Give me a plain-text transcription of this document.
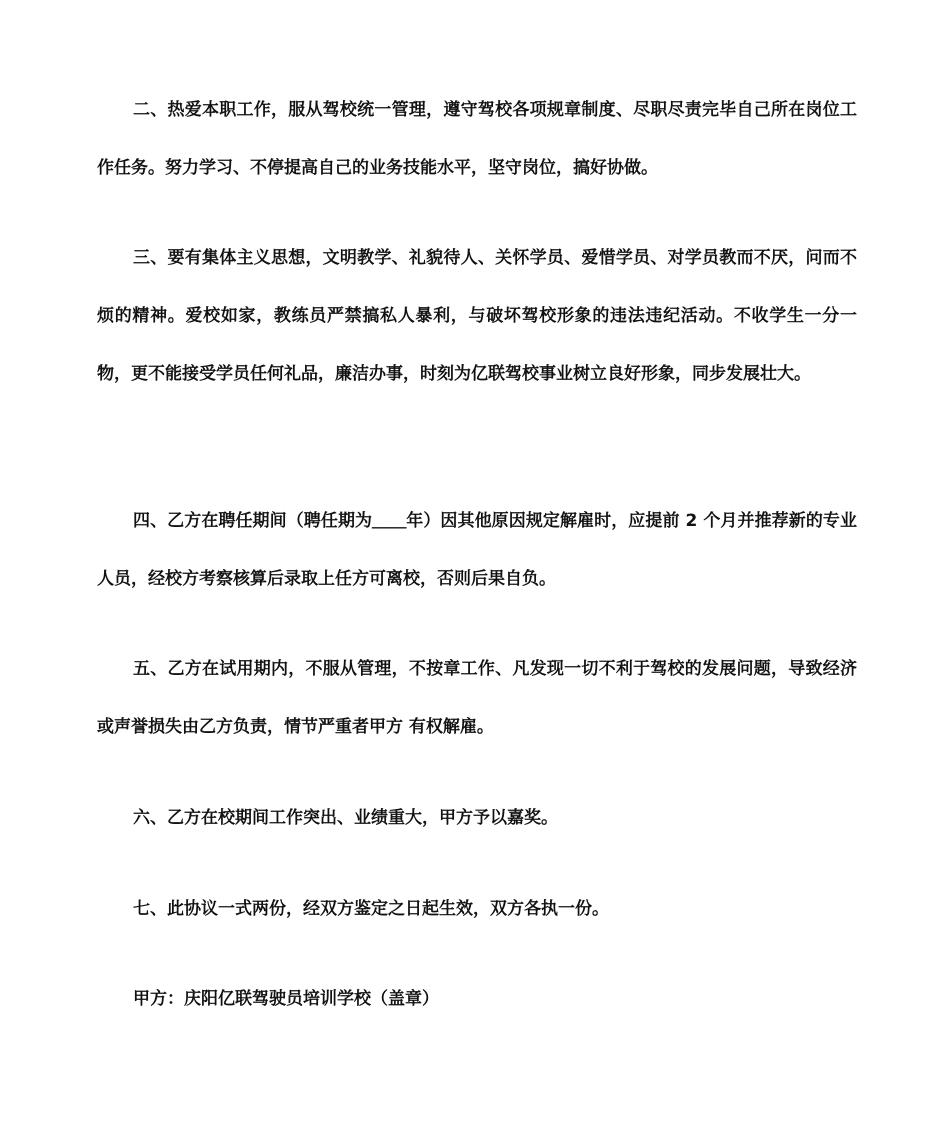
二、热爱本职工作，服从驾校统一管理，遵守驾校各项规章制度、尽职尽责完毕自己所在岗位工作任务。努力学习、不停提高自己的业务技能水平，坚守岗位，搞好协做。

三、要有集体主义思想，文明教学、礼貌待人、关怀学员、爱惜学员、对学员教而不厌，问而不烦的精神。爱校如家，教练员严禁搞私人暴利，与破坏驾校形象的违法违纪活动。不收学生一分一物，更不能接受学员任何礼品，廉洁办事，时刻为亿联驾校事业树立良好形象，同步发展壮大。

四、乙方在聘任期间（聘任期为＿＿年）因其他原因规定解雇时，应提前 2 个月并推荐新的专业人员，经校方考察核算后录取上任方可离校，否则后果自负。

五、乙方在试用期内，不服从管理，不按章工作、凡发现一切不利于驾校的发展问题，导致经济或声誉损失由乙方负责，情节严重者甲方 有权解雇。

六、乙方在校期间工作突出、业绩重大，甲方予以嘉奖。

七、此协议一式两份，经双方鉴定之日起生效，双方各执一份。

甲方：庆阳亿联驾驶员培训学校（盖章）
